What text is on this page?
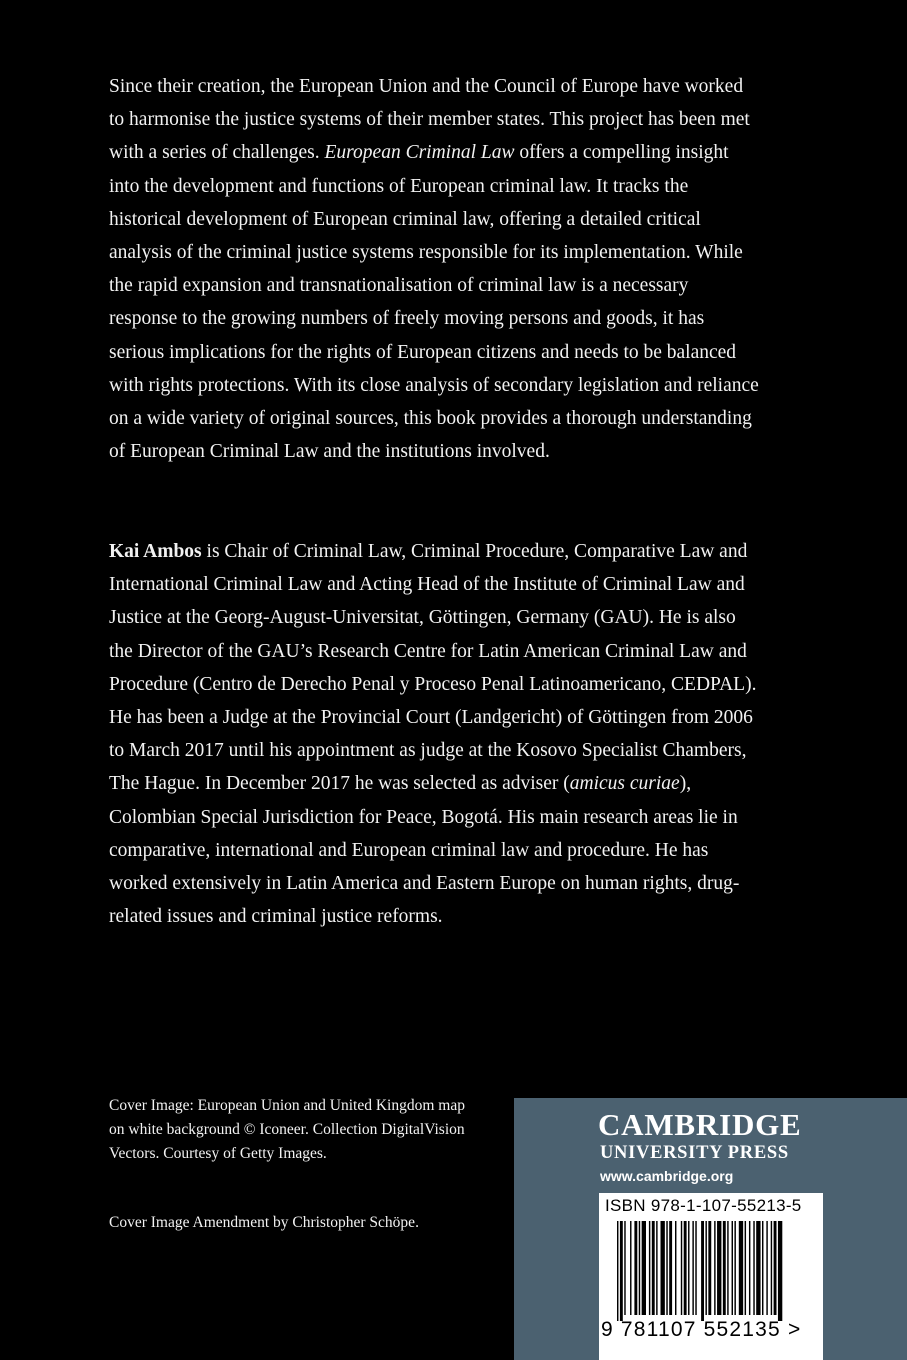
Since their creation, the European Union and the Council of Europe have worked to harmonise the justice systems of their member states. This project has been met with a series of challenges. European Criminal Law offers a compelling insight into the development and functions of European criminal law. It tracks the historical development of European criminal law, offering a detailed critical analysis of the criminal justice systems responsible for its implementation. While the rapid expansion and transnationalisation of criminal law is a necessary response to the growing numbers of freely moving persons and goods, it has serious implications for the rights of European citizens and needs to be balanced with rights protections. With its close analysis of secondary legislation and reliance on a wide variety of original sources, this book provides a thorough understanding of European Criminal Law and the institutions involved.

Kai Ambos is Chair of Criminal Law, Criminal Procedure, Comparative Law and International Criminal Law and Acting Head of the Institute of Criminal Law and Justice at the Georg-August-Universitat, Göttingen, Germany (GAU). He is also the Director of the GAU’s Research Centre for Latin American Criminal Law and Procedure (Centro de Derecho Penal y Proceso Penal Latinoamericano, CEDPAL). He has been a Judge at the Provincial Court (Landgericht) of Göttingen from 2006 to March 2017 until his appointment as judge at the Kosovo Specialist Chambers, The Hague. In December 2017 he was selected as adviser (amicus curiae), Colombian Special Jurisdiction for Peace, Bogotá. His main research areas lie in comparative, international and European criminal law and procedure. He has worked extensively in Latin America and Eastern Europe on human rights, drug-related issues and criminal justice reforms.

Cover Image: European Union and United Kingdom map on white background © Iconeer. Collection DigitalVision Vectors. Courtesy of Getty Images.

Cover Image Amendment by Christopher Schöpe.

CAMBRIDGE
UNIVERSITY PRESS
www.cambridge.org
ISBN 978-1-107-55213-5
9 781107 552135 >
